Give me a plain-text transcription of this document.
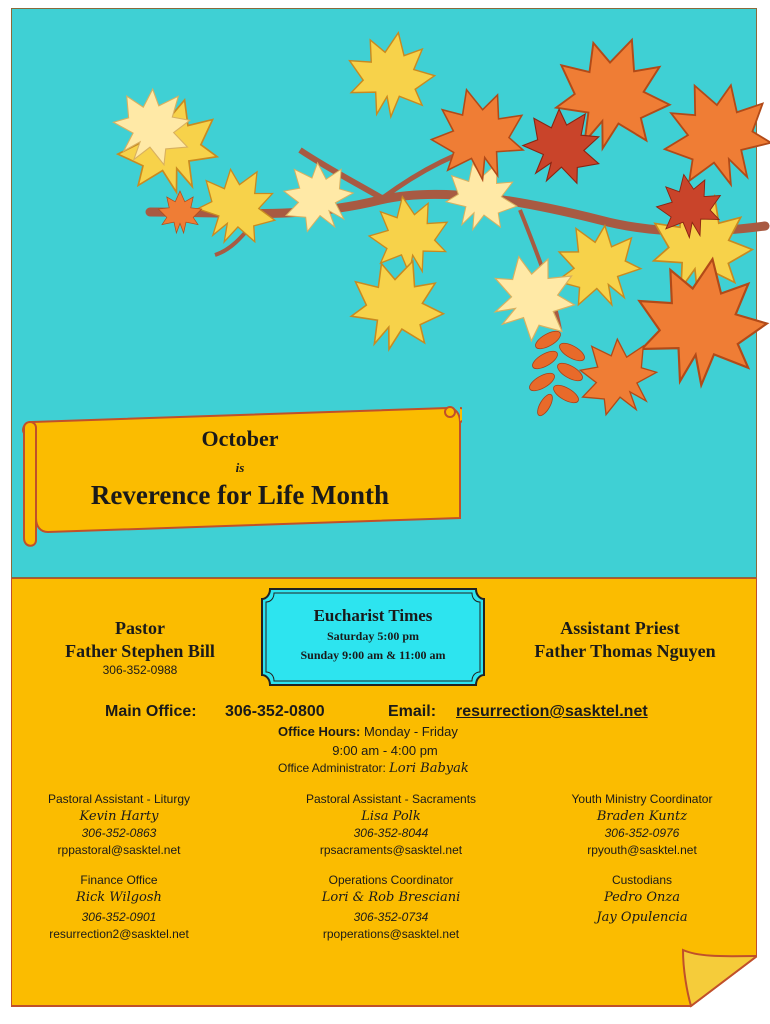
October
is
Reverence for Life Month
Eucharist Times
Saturday 5:00 pm
Sunday 9:00 am & 11:00 am
Pastor
Father Stephen Bill
306-352-0988
Assistant Priest
Father Thomas Nguyen
Main Office: 306-352-0800	Email: resurrection@sasktel.net
Office Hours: Monday - Friday
9:00 am - 4:00 pm
Office Administrator: Lori Babyak
Pastoral Assistant - Liturgy
Kevin Harty
306-352-0863
rppastoral@sasktel.net
Pastoral Assistant - Sacraments
Lisa Polk
306-352-8044
rpsacraments@sasktel.net
Youth Ministry Coordinator
Braden Kuntz
306-352-0976
rpyouth@sasktel.net
Finance Office
Rick Wilgosh
306-352-0901
resurrection2@sasktel.net
Operations Coordinator
Lori & Rob Bresciani
306-352-0734
rpoperations@sasktel.net
Custodians
Pedro Onza
Jay Opulencia
